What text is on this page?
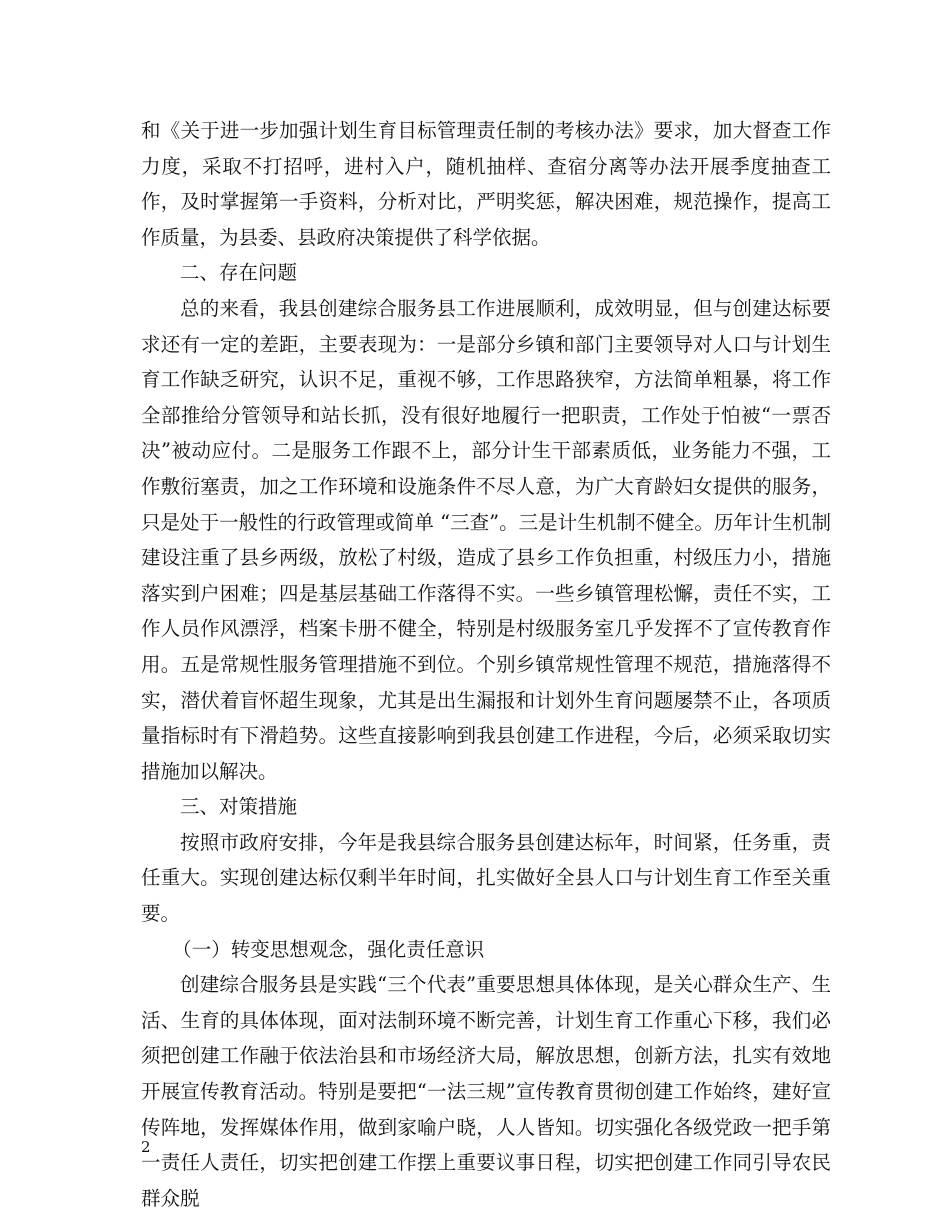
和《关于进一步加强计划生育目标管理责任制的考核办法》要求，加大督查工作力度，采取不打招呼，进村入户，随机抽样、查宿分离等办法开展季度抽查工作，及时掌握第一手资料，分析对比，严明奖惩，解决困难，规范操作，提高工作质量，为县委、县政府决策提供了科学依据。

二、存在问题

总的来看，我县创建综合服务县工作进展顺利，成效明显，但与创建达标要求还有一定的差距，主要表现为：一是部分乡镇和部门主要领导对人口与计划生育工作缺乏研究，认识不足，重视不够，工作思路狭窄，方法简单粗暴，将工作全部推给分管领导和站长抓，没有很好地履行一把职责，工作处于怕被“一票否决”被动应付。二是服务工作跟不上，部分计生干部素质低，业务能力不强，工作敷衍塞责，加之工作环境和设施条件不尽人意，为广大育龄妇女提供的服务，只是处于一般性的行政管理或简单 “三查”。三是计生机制不健全。历年计生机制建设注重了县乡两级，放松了村级，造成了县乡工作负担重，村级压力小，措施落实到户困难；四是基层基础工作落得不实。一些乡镇管理松懈，责任不实，工作人员作风漂浮，档案卡册不健全，特别是村级服务室几乎发挥不了宣传教育作用。五是常规性服务管理措施不到位。个别乡镇常规性管理不规范，措施落得不实，潜伏着盲怀超生现象，尤其是出生漏报和计划外生育问题屡禁不止，各项质量指标时有下滑趋势。这些直接影响到我县创建工作进程，今后，必须采取切实措施加以解决。

三、对策措施

按照市政府安排，今年是我县综合服务县创建达标年，时间紧，任务重，责任重大。实现创建达标仅剩半年时间，扎实做好全县人口与计划生育工作至关重要。

（一）转变思想观念，强化责任意识

创建综合服务县是实践“三个代表”重要思想具体体现，是关心群众生产、生活、生育的具体体现，面对法制环境不断完善，计划生育工作重心下移，我们必须把创建工作融于依法治县和市场经济大局，解放思想，创新方法，扎实有效地 开展宣传教育活动。特别是要把“一法三规”宣传教育贯彻创建工作始终，建好宣传阵地，发挥媒体作用，做到家喻户晓，人人皆知。切实强化各级党政一把手第一责任人责任，切实把创建工作摆上重要议事日程，切实把创建工作同引导农民群众脱

2
